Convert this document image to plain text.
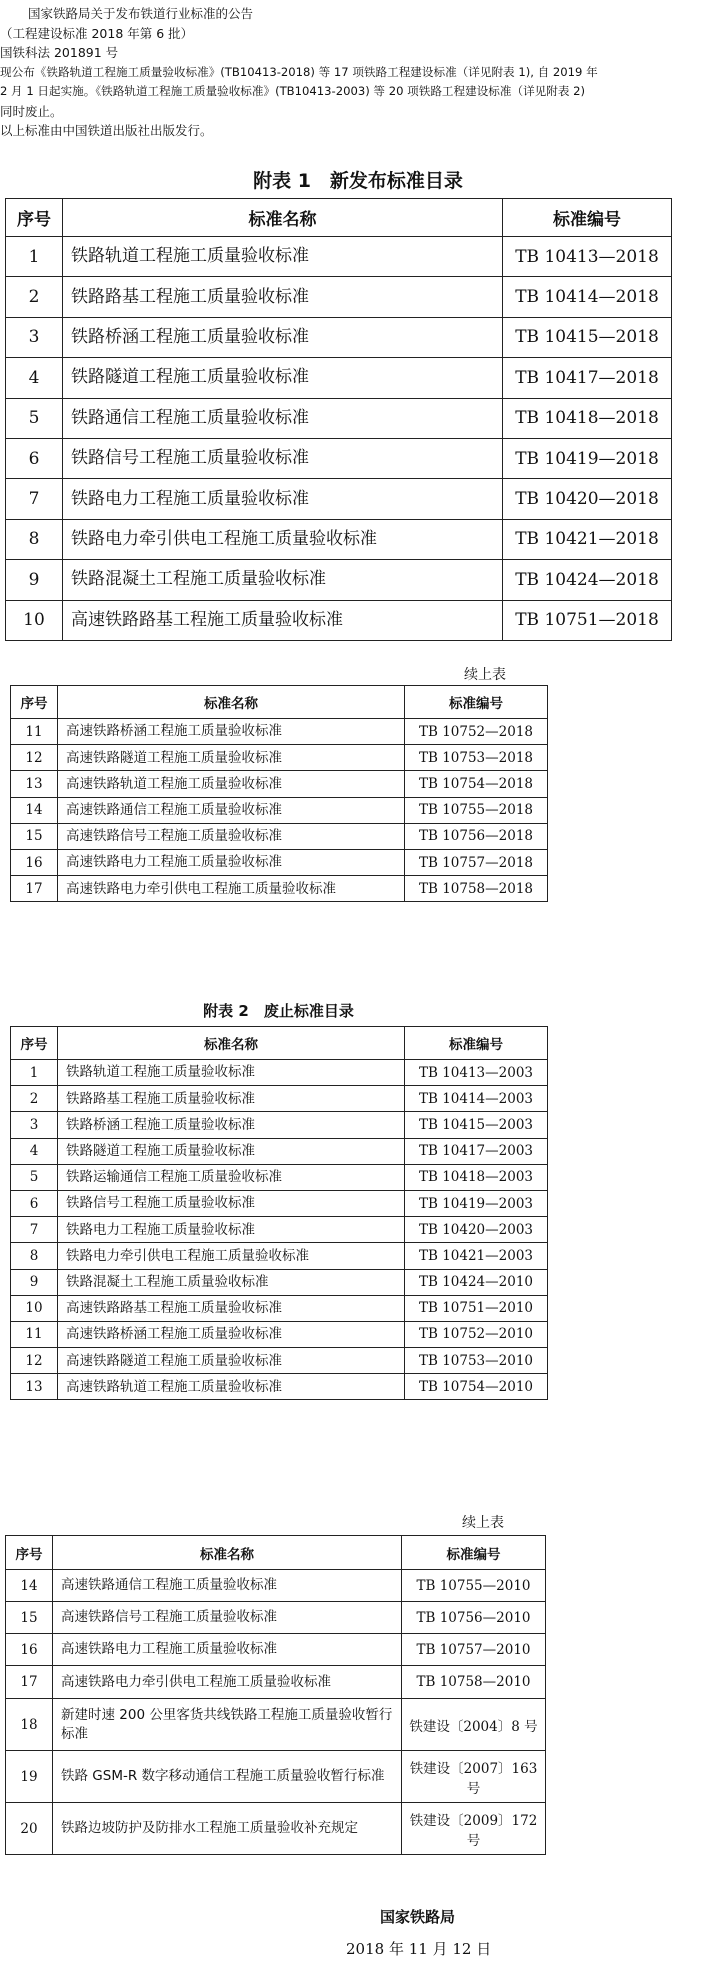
国家铁路局关于发布铁道行业标准的公告

（工程建设标准 2018 年第 6 批）

国铁科法 201891 号

现公布《铁路轨道工程施工质量验收标准》(TB10413-2018) 等 17 项铁路工程建设标准（详见附表 1), 自 2019 年

2 月 1 日起实施。《铁路轨道工程施工质量验收标准》(TB10413-2003) 等 20 项铁路工程建设标准（详见附表 2)

同时废止。

以上标准由中国铁道出版社出版发行。

附表 1　新发布标准目录
序号	标准名称	标准编号
1	铁路轨道工程施工质量验收标准	TB 10413—2018
2	铁路路基工程施工质量验收标准	TB 10414—2018
3	铁路桥涵工程施工质量验收标准	TB 10415—2018
4	铁路隧道工程施工质量验收标准	TB 10417—2018
5	铁路通信工程施工质量验收标准	TB 10418—2018
6	铁路信号工程施工质量验收标准	TB 10419—2018
7	铁路电力工程施工质量验收标准	TB 10420—2018
8	铁路电力牵引供电工程施工质量验收标准	TB 10421—2018
9	铁路混凝土工程施工质量验收标准	TB 10424—2018
10	高速铁路路基工程施工质量验收标准	TB 10751—2018
续上表
序号	标准名称	标准编号
11	高速铁路桥涵工程施工质量验收标准	TB 10752—2018
12	高速铁路隧道工程施工质量验收标准	TB 10753—2018
13	高速铁路轨道工程施工质量验收标准	TB 10754—2018
14	高速铁路通信工程施工质量验收标准	TB 10755—2018
15	高速铁路信号工程施工质量验收标准	TB 10756—2018
16	高速铁路电力工程施工质量验收标准	TB 10757—2018
17	高速铁路电力牵引供电工程施工质量验收标准	TB 10758—2018
附表 2　废止标准目录
序号	标准名称	标准编号
1	铁路轨道工程施工质量验收标准	TB 10413—2003
2	铁路路基工程施工质量验收标准	TB 10414—2003
3	铁路桥涵工程施工质量验收标准	TB 10415—2003
4	铁路隧道工程施工质量验收标准	TB 10417—2003
5	铁路运输通信工程施工质量验收标准	TB 10418—2003
6	铁路信号工程施工质量验收标准	TB 10419—2003
7	铁路电力工程施工质量验收标准	TB 10420—2003
8	铁路电力牵引供电工程施工质量验收标准	TB 10421—2003
9	铁路混凝土工程施工质量验收标准	TB 10424—2010
10	高速铁路路基工程施工质量验收标准	TB 10751—2010
11	高速铁路桥涵工程施工质量验收标准	TB 10752—2010
12	高速铁路隧道工程施工质量验收标准	TB 10753—2010
13	高速铁路轨道工程施工质量验收标准	TB 10754—2010
续上表
序号	标准名称	标准编号
14	高速铁路通信工程施工质量验收标准	TB 10755—2010
15	高速铁路信号工程施工质量验收标准	TB 10756—2010
16	高速铁路电力工程施工质量验收标准	TB 10757—2010
17	高速铁路电力牵引供电工程施工质量验收标准	TB 10758—2010
18	新建时速 200 公里客货共线铁路工程施工质量验收暂行标准	铁建设〔2004〕8 号
19	铁路 GSM-R 数字移动通信工程施工质量验收暂行标准	铁建设〔2007〕163 号
20	铁路边坡防护及防排水工程施工质量验收补充规定	铁建设〔2009〕172 号
国家铁路局
2018 年 11 月 12 日
